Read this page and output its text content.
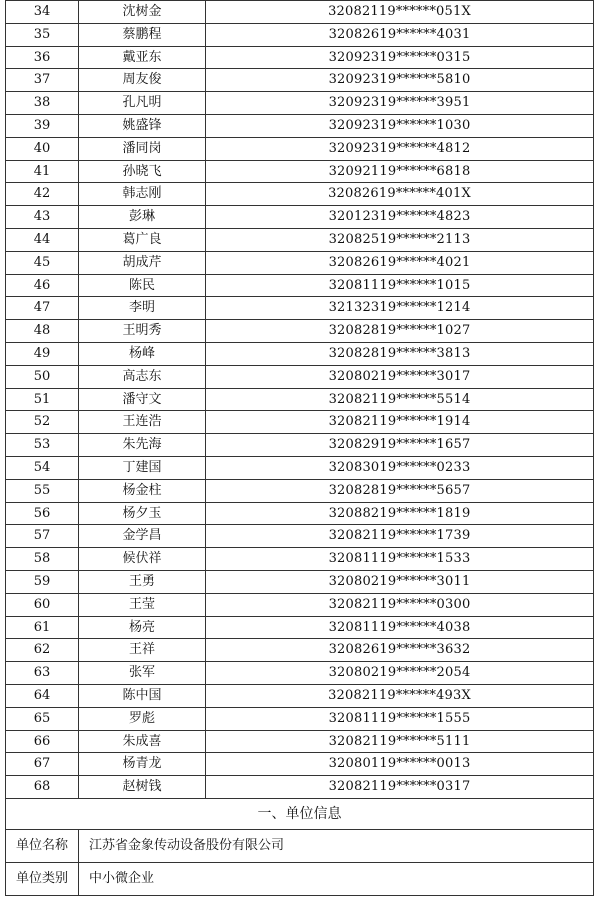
34	沈树金	32082119******051X
35	蔡鹏程	32082619******4031
36	戴亚东	32092319******0315
37	周友俊	32092319******5810
38	孔凡明	32092319******3951
39	姚盛锋	32092319******1030
40	潘同岗	32092319******4812
41	孙晓飞	32092119******6818
42	韩志刚	32082619******401X
43	彭琳	32012319******4823
44	葛广良	32082519******2113
45	胡成芹	32082619******4021
46	陈民	32081119******1015
47	李明	32132319******1214
48	王明秀	32082819******1027
49	杨峰	32082819******3813
50	高志东	32080219******3017
51	潘守文	32082119******5514
52	王连浩	32082119******1914
53	朱先海	32082919******1657
54	丁建国	32083019******0233
55	杨金柱	32082819******5657
56	杨夕玉	32088219******1819
57	金学昌	32082119******1739
58	候伏祥	32081119******1533
59	王勇	32080219******3011
60	王莹	32082119******0300
61	杨亮	32081119******4038
62	王祥	32082619******3632
63	张军	32080219******2054
64	陈中国	32082119******493X
65	罗彪	32081119******1555
66	朱成喜	32082119******5111
67	杨青龙	32080119******0013
68	赵树钱	32082119******0317
一、单位信息		
单位名称	江苏省金象传动设备股份有限公司	
单位类别	中小微企业	
